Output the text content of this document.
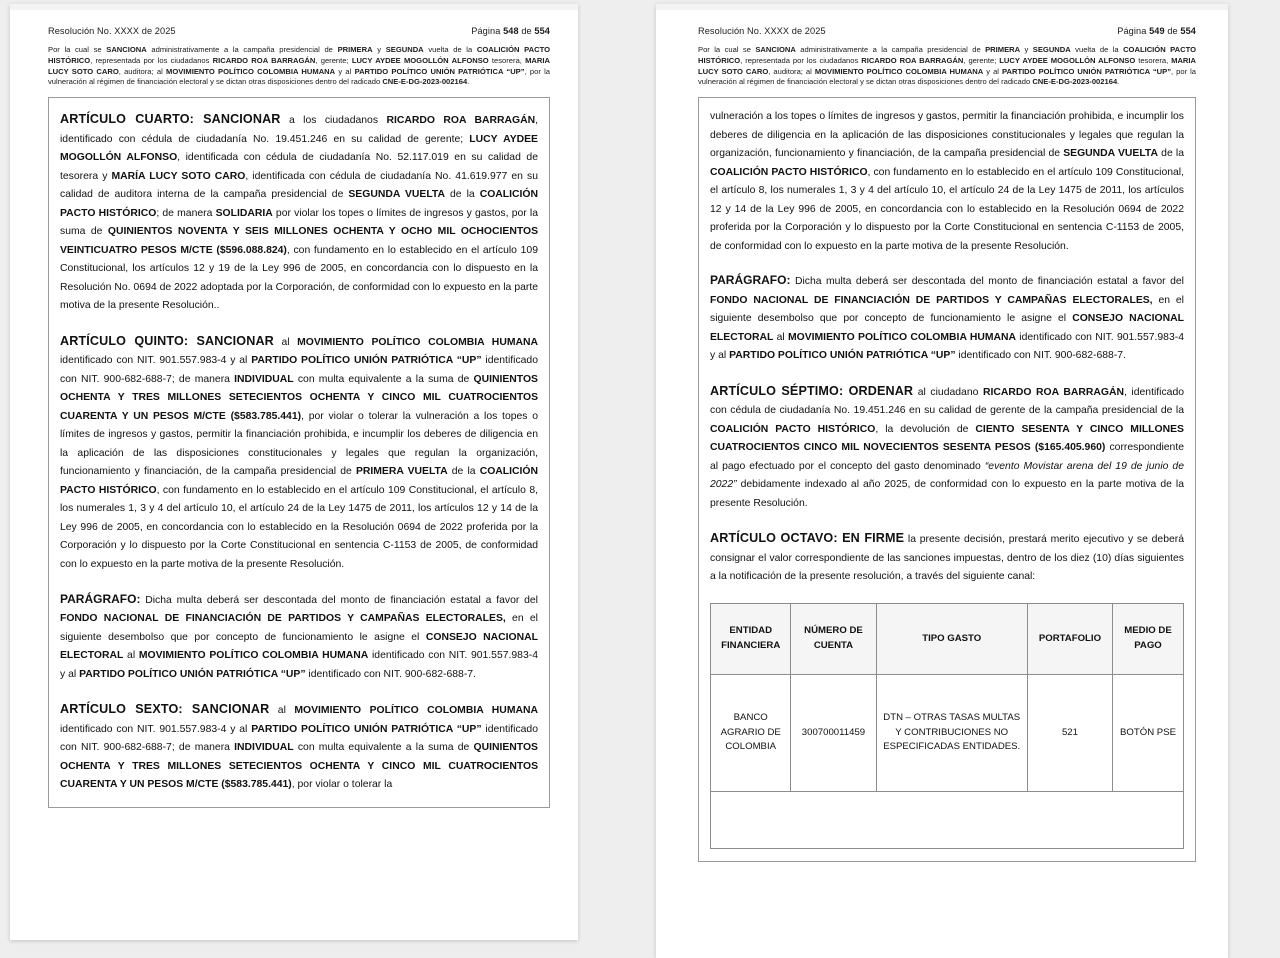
Resolución No. XXXX de 2025	Página 548 de 554
Por la cual se SANCIONA administrativamente a la campaña presidencial de PRIMERA y SEGUNDA vuelta de la COALICIÓN PACTO HISTÓRICO, representada por los ciudadanos RICARDO ROA BARRAGÁN, gerente; LUCY AYDEE MOGOLLÓN ALFONSO tesorera, MARIA LUCY SOTO CARO, auditora; al MOVIMIENTO POLÍTICO COLOMBIA HUMANA y al PARTIDO POLÍTICO UNIÓN PATRIÓTICA “UP”, por la vulneración al régimen de financiación electoral y se dictan otras disposiciones dentro del radicado CNE-E-DG-2023-002164.

ARTÍCULO CUARTO: SANCIONAR a los ciudadanos RICARDO ROA BARRAGÁN, identificado con cédula de ciudadanía No. 19.451.246 en su calidad de gerente; LUCY AYDEE MOGOLLÓN ALFONSO, identificada con cédula de ciudadanía No. 52.117.019 en su calidad de tesorera y MARÍA LUCY SOTO CARO, identificada con cédula de ciudadanía No. 41.619.977 en su calidad de auditora interna de la campaña presidencial de SEGUNDA VUELTA de la COALICIÓN PACTO HISTÓRICO; de manera SOLIDARIA por violar los topes o límites de ingresos y gastos, por la suma de QUINIENTOS NOVENTA Y SEIS MILLONES OCHENTA Y OCHO MIL OCHOCIENTOS VEINTICUATRO PESOS M/CTE ($596.088.824), con fundamento en lo establecido en el artículo 109 Constitucional, los artículos 12 y 19 de la Ley 996 de 2005, en concordancia con lo dispuesto en la Resolución No. 0694 de 2022 adoptada por la Corporación, de conformidad con lo expuesto en la parte motiva de la presente Resolución..

ARTÍCULO QUINTO: SANCIONAR al MOVIMIENTO POLÍTICO COLOMBIA HUMANA identificado con NIT. 901.557.983-4 y al PARTIDO POLÍTICO UNIÓN PATRIÓTICA “UP” identificado con NIT. 900-682-688-7; de manera INDIVIDUAL con multa equivalente a la suma de QUINIENTOS OCHENTA Y TRES MILLONES SETECIENTOS OCHENTA Y CINCO MIL CUATROCIENTOS CUARENTA Y UN PESOS M/CTE ($583.785.441), por violar o tolerar la vulneración a los topes o límites de ingresos y gastos, permitir la financiación prohibida, e incumplir los deberes de diligencia en la aplicación de las disposiciones constitucionales y legales que regulan la organización, funcionamiento y financiación, de la campaña presidencial de PRIMERA VUELTA de la COALICIÓN PACTO HISTÓRICO, con fundamento en lo establecido en el artículo 109 Constitucional, el artículo 8, los numerales 1, 3 y 4 del artículo 10, el artículo 24 de la Ley 1475 de 2011, los artículos 12 y 14 de la Ley 996 de 2005, en concordancia con lo establecido en la Resolución 0694 de 2022 proferida por la Corporación y lo dispuesto por la Corte Constitucional en sentencia C-1153 de 2005, de conformidad con lo expuesto en la parte motiva de la presente Resolución.

PARÁGRAFO: Dicha multa deberá ser descontada del monto de financiación estatal a favor del FONDO NACIONAL DE FINANCIACIÓN DE PARTIDOS Y CAMPAÑAS ELECTORALES, en el siguiente desembolso que por concepto de funcionamiento le asigne el CONSEJO NACIONAL ELECTORAL al MOVIMIENTO POLÍTICO COLOMBIA HUMANA identificado con NIT. 901.557.983-4 y al PARTIDO POLÍTICO UNIÓN PATRIÓTICA “UP” identificado con NIT. 900-682-688-7.

ARTÍCULO SEXTO: SANCIONAR al MOVIMIENTO POLÍTICO COLOMBIA HUMANA identificado con NIT. 901.557.983-4 y al PARTIDO POLÍTICO UNIÓN PATRIÓTICA “UP” identificado con NIT. 900-682-688-7; de manera INDIVIDUAL con multa equivalente a la suma de QUINIENTOS OCHENTA Y TRES MILLONES SETECIENTOS OCHENTA Y CINCO MIL CUATROCIENTOS CUARENTA Y UN PESOS M/CTE ($583.785.441), por violar o tolerar la

Resolución No. XXXX de 2025	Página 549 de 554
Por la cual se SANCIONA administrativamente a la campaña presidencial de PRIMERA y SEGUNDA vuelta de la COALICIÓN PACTO HISTÓRICO, representada por los ciudadanos RICARDO ROA BARRAGÁN, gerente; LUCY AYDEE MOGOLLÓN ALFONSO tesorera, MARIA LUCY SOTO CARO, auditora; al MOVIMIENTO POLÍTICO COLOMBIA HUMANA y al PARTIDO POLÍTICO UNIÓN PATRIÓTICA “UP”, por la vulneración al régimen de financiación electoral y se dictan otras disposiciones dentro del radicado CNE-E-DG-2023-002164.

vulneración a los topes o límites de ingresos y gastos, permitir la financiación prohibida, e incumplir los deberes de diligencia en la aplicación de las disposiciones constitucionales y legales que regulan la organización, funcionamiento y financiación, de la campaña presidencial de SEGUNDA VUELTA de la COALICIÓN PACTO HISTÓRICO, con fundamento en lo establecido en el artículo 109 Constitucional, el artículo 8, los numerales 1, 3 y 4 del artículo 10, el artículo 24 de la Ley 1475 de 2011, los artículos 12 y 14 de la Ley 996 de 2005, en concordancia con lo establecido en la Resolución 0694 de 2022 proferida por la Corporación y lo dispuesto por la Corte Constitucional en sentencia C-1153 de 2005, de conformidad con lo expuesto en la parte motiva de la presente Resolución.

PARÁGRAFO: Dicha multa deberá ser descontada del monto de financiación estatal a favor del FONDO NACIONAL DE FINANCIACIÓN DE PARTIDOS Y CAMPAÑAS ELECTORALES, en el siguiente desembolso que por concepto de funcionamiento le asigne el CONSEJO NACIONAL ELECTORAL al MOVIMIENTO POLÍTICO COLOMBIA HUMANA identificado con NIT. 901.557.983-4 y al PARTIDO POLÍTICO UNIÓN PATRIÓTICA “UP” identificado con NIT. 900-682-688-7.

ARTÍCULO SÉPTIMO: ORDENAR al ciudadano RICARDO ROA BARRAGÁN, identificado con cédula de ciudadanía No. 19.451.246 en su calidad de gerente de la campaña presidencial de la COALICIÓN PACTO HISTÓRICO, la devolución de CIENTO SESENTA Y CINCO MILLONES CUATROCIENTOS CINCO MIL NOVECIENTOS SESENTA PESOS ($165.405.960) correspondiente al pago efectuado por el concepto del gasto denominado “evento Movistar arena del 19 de junio de 2022” debidamente indexado al año 2025, de conformidad con lo expuesto en la parte motiva de la presente Resolución.

ARTÍCULO OCTAVO: EN FIRME la presente decisión, prestará merito ejecutivo y se deberá consignar el valor correspondiente de las sanciones impuestas, dentro de los diez (10) días siguientes a la notificación de la presente resolución, a través del siguiente canal:

ENTIDAD FINANCIERA	NÚMERO DE CUENTA	TIPO GASTO	PORTAFOLIO	MEDIO DE PAGO
BANCO AGRARIO DE COLOMBIA	300700011459	DTN – OTRAS TASAS MULTAS Y CONTRIBUCIONES NO ESPECIFICADAS ENTIDADES.	521	BOTÓN PSE
